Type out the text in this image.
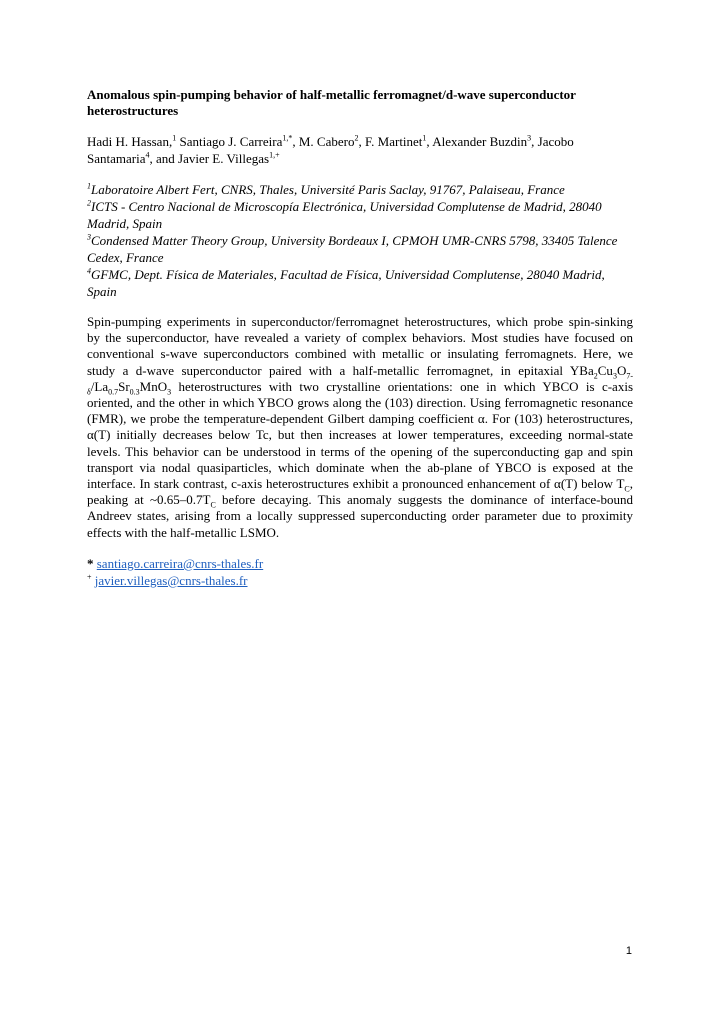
Anomalous spin-pumping behavior of half-metallic ferromagnet/d-wave superconductor heterostructures

Hadi H. Hassan,$^1$ Santiago J. Carreira$^{1,*}$, M. Cabero$^2$, F. Martinet$^1$, Alexander Buzdin$^3$, Jacobo Santamaria$^4$, and Javier E. Villegas$^{1,+}$

$^1$Laboratoire Albert Fert, CNRS, Thales, Université Paris Saclay, 91767, Palaiseau, France
$^2$ICTS - Centro Nacional de Microscopía Electrónica, Universidad Complutense de Madrid, 28040 Madrid, Spain
$^3$Condensed Matter Theory Group, University Bordeaux I, CPMOH UMR-CNRS 5798, 33405 Talence Cedex, France
$^4$GFMC, Dept. Física de Materiales, Facultad de Física, Universidad Complutense, 28040 Madrid, Spain

Spin-pumping experiments in superconductor/ferromagnet heterostructures, which probe spin-sinking by the superconductor, have revealed a variety of complex behaviors. Most studies have focused on conventional s-wave superconductors combined with metallic or insulating ferromagnets. Here, we study a d-wave superconductor paired with a half-metallic ferromagnet, in epitaxial $YBa_2Cu_3O_{7-\delta}/La_{0.7}Sr_{0.3}MnO_3$ heterostructures with two crystalline orientations: one in which YBCO is c-axis oriented, and the other in which YBCO grows along the (103) direction. Using ferromagnetic resonance (FMR), we probe the temperature-dependent Gilbert damping coefficient α. For (103) heterostructures, α(T) initially decreases below Tc, but then increases at lower temperatures, exceeding normal-state levels. This behavior can be understood in terms of the opening of the superconducting gap and spin transport via nodal quasiparticles, which dominate when the ab-plane of YBCO is exposed at the interface. In stark contrast, c-axis heterostructures exhibit a pronounced enhancement of α(T) below $T_C$, peaking at $\sim 0.65-0.7T_C$ before decaying. This anomaly suggests the dominance of interface-bound Andreev states, arising from a locally suppressed superconducting order parameter due to proximity effects with the half-metallic LSMO.

* santiago.carreira@cnrs-thales.fr
+ javier.villegas@cnrs-thales.fr
1
